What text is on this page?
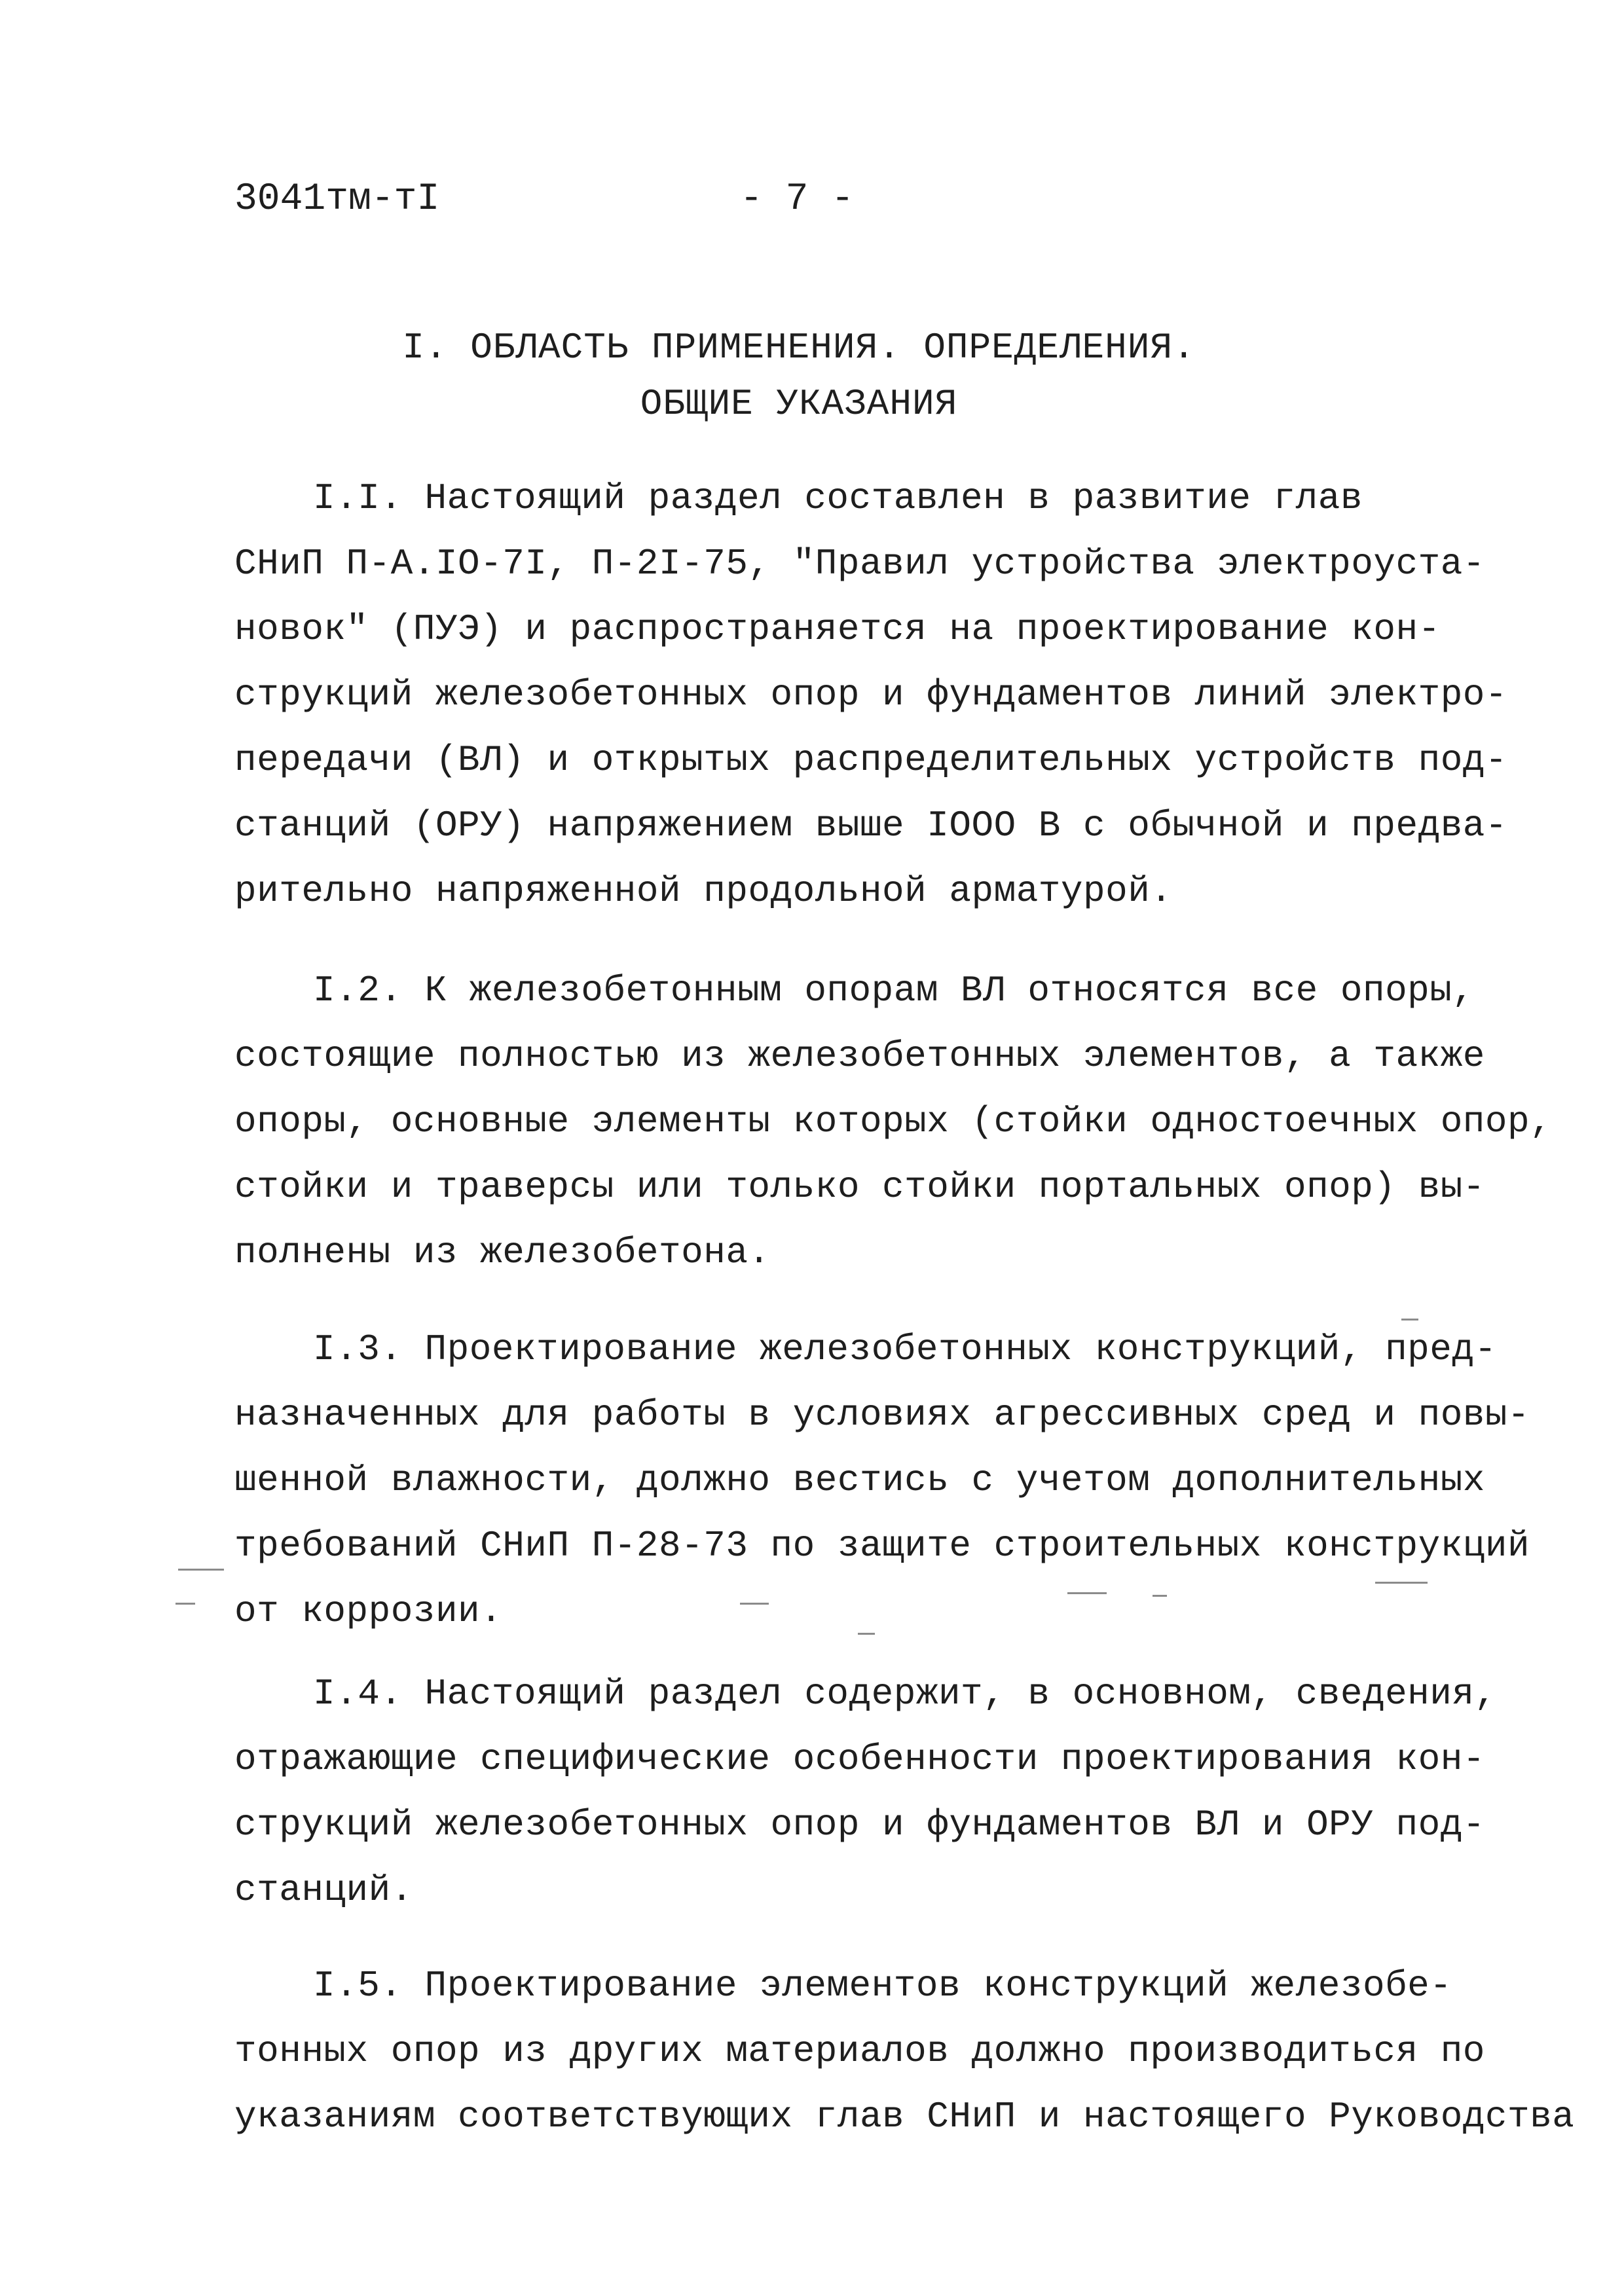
3041тм-тI	- 7 -
I. ОБЛАСТЬ ПРИМЕНЕНИЯ. ОПРЕДЕЛЕНИЯ.
ОБЩИЕ УКАЗАНИЯ
I.I. Настоящий раздел составлен в развитие глав
СНиП П-А.IО-7I, П-2I-75, "Правил устройства электроуста-
новок" (ПУЭ) и распространяется на проектирование кон-
струкций железобетонных опор и фундаментов линий электро-
передачи (ВЛ) и открытых распределительных устройств под-
станций (ОРУ) напряжением выше IООО В с обычной и предва-
рительно напряженной продольной арматурой.
I.2. К железобетонным опорам ВЛ относятся все опоры,
состоящие полностью из железобетонных элементов, а также
опоры, основные элементы которых (стойки одностоечных опор,
стойки и траверсы или только стойки портальных опор) вы-
полнены из железобетона.
I.3. Проектирование железобетонных конструкций, пред-
назначенных для работы в условиях агрессивных сред и повы-
шенной влажности, должно вестись с учетом дополнительных
требований СНиП П-28-73 по защите строительных конструкций
от коррозии.
I.4. Настоящий раздел содержит, в основном, сведения,
отражающие специфические особенности проектирования кон-
струкций железобетонных опор и фундаментов ВЛ и ОРУ под-
станций.
I.5. Проектирование элементов конструкций железобе-
тонных опор из других материалов должно производиться по
указаниям соответствующих глав СНиП и настоящего Руководства
